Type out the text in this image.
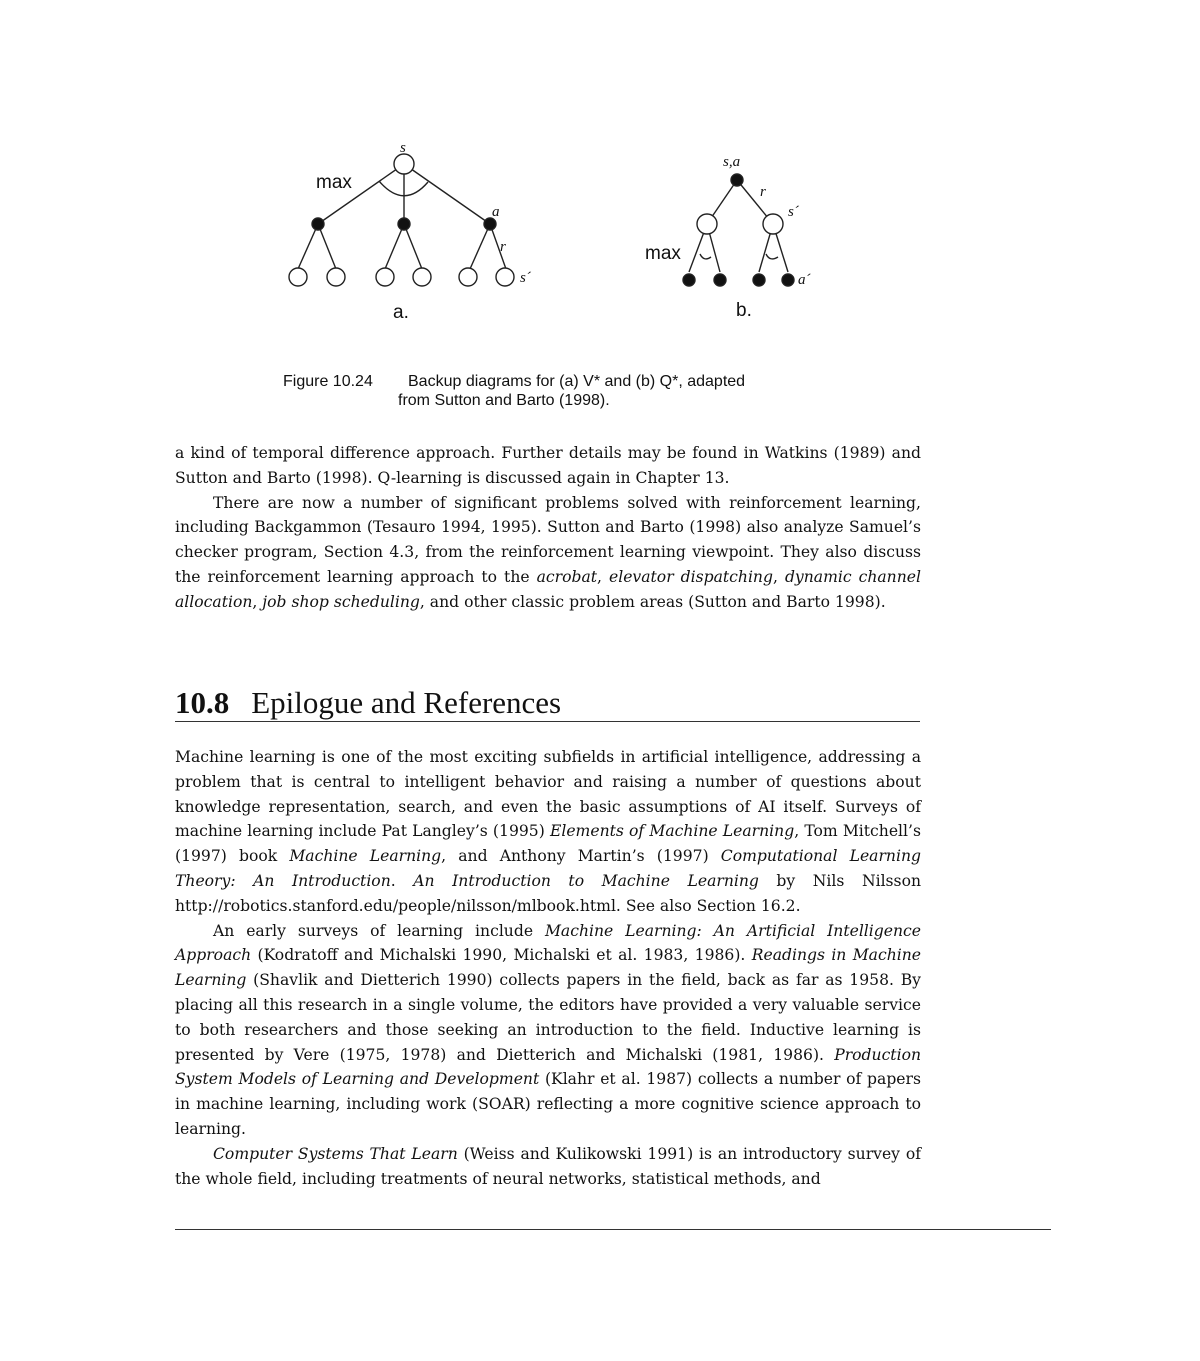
s
max
a
r
s´
a.
s,a
r
s´
max
a´
b.
Figure 10.24 Backup diagrams for (a) V* and (b) Q*, adapted
from Sutton and Barto (1998).

a kind of temporal difference approach. Further details may be found in Watkins (1989) and Sutton and Barto (1998). Q-learning is discussed again in Chapter 13.

There are now a number of significant problems solved with reinforcement learning, including Backgammon (Tesauro 1994, 1995). Sutton and Barto (1998) also analyze Samuel’s checker program, Section 4.3, from the reinforcement learning viewpoint. They also discuss the reinforcement learning approach to the acrobat, elevator dispatching, dynamic channel allocation, job shop scheduling, and other classic problem areas (Sutton and Barto 1998).

10.8 Epilogue and References

Machine learning is one of the most exciting subfields in artificial intelligence, addressing a problem that is central to intelligent behavior and raising a number of questions about knowledge representation, search, and even the basic assumptions of AI itself. Surveys of machine learning include Pat Langley’s (1995) Elements of Machine Learning, Tom Mitchell’s (1997) book Machine Learning, and Anthony Martin’s (1997) Computational Learning Theory: An Introduction. An Introduction to Machine Learning by Nils Nilsson http://robotics.stanford.edu/people/nilsson/mlbook.html. See also Section 16.2.

An early surveys of learning include Machine Learning: An Artificial Intelligence Approach (Kodratoff and Michalski 1990, Michalski et al. 1983, 1986). Readings in Machine Learning (Shavlik and Dietterich 1990) collects papers in the field, back as far as 1958. By placing all this research in a single volume, the editors have provided a very valuable service to both researchers and those seeking an introduction to the field. Inductive learning is presented by Vere (1975, 1978) and Dietterich and Michalski (1981, 1986). Production System Models of Learning and Development (Klahr et al. 1987) collects a number of papers in machine learning, including work (SOAR) reflecting a more cognitive science approach to learning.

Computer Systems That Learn (Weiss and Kulikowski 1991) is an introductory survey of the whole field, including treatments of neural networks, statistical methods, and
